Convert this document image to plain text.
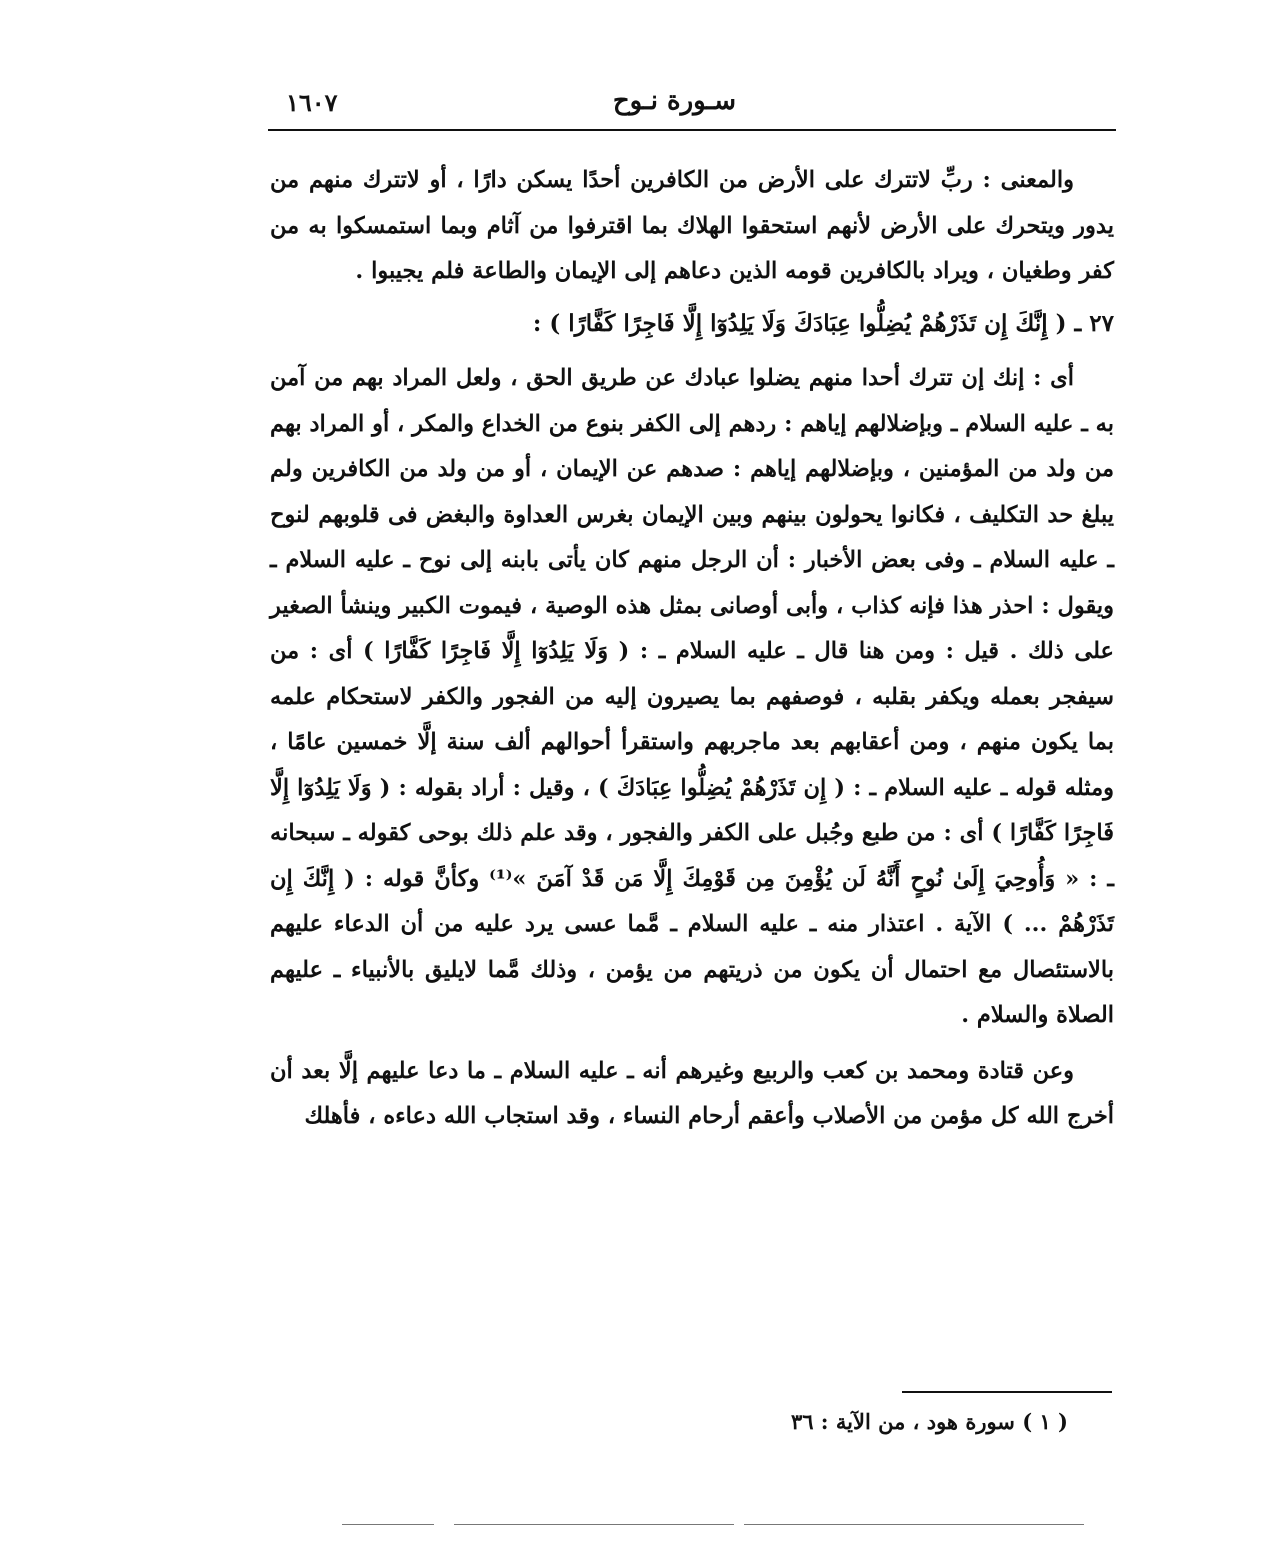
سـورة نـوح
١٦٠٧

والمعنى : ربِّ لاتترك على الأرض من الكافرين أحدًا يسكن دارًا ، أو لاتترك منهم من يدور ويتحرك على الأرض لأنهم استحقوا الهلاك بما اقترفوا من آثام وبما استمسكوا به من كفر وطغيان ، ويراد بالكافرين قومه الذين دعاهم إلى الإيمان والطاعة فلم يجيبوا .

٢٧ ـ ( إِنَّكَ إِن تَذَرْهُمْ يُضِلُّوا عِبَادَكَ وَلَا يَلِدُوٓا إِلَّا فَاجِرًا كَفَّارًا ) :

أى : إنك إن تترك أحدا منهم يضلوا عبادك عن طريق الحق ، ولعل المراد بهم من آمن به ـ عليه السلام ـ وبإضلالهم إياهم : ردهم إلى الكفر بنوع من الخداع والمكر ، أو المراد بهم من ولد من المؤمنين ، وبإضلالهم إياهم : صدهم عن الإيمان ، أو من ولد من الكافرين ولم يبلغ حد التكليف ، فكانوا يحولون بينهم وبين الإيمان بغرس العداوة والبغض فى قلوبهم لنوح ـ عليه السلام ـ وفى بعض الأخبار : أن الرجل منهم كان يأتى بابنه إلى نوح ـ عليه السلام ـ ويقول : احذر هذا فإنه كذاب ، وأبى أوصانى بمثل هذه الوصية ، فيموت الكبير وينشأ الصغير على ذلك . قيل : ومن هنا قال ـ عليه السلام ـ : ( وَلَا يَلِدُوٓا إِلَّا فَاجِرًا كَفَّارًا ) أى : من سيفجر بعمله ويكفر بقلبه ، فوصفهم بما يصيرون إليه من الفجور والكفر لاستحكام علمه بما يكون منهم ، ومن أعقابهم بعد ماجربهم واستقرأ أحوالهم ألف سنة إلَّا خمسين عامًا ، ومثله قوله ـ عليه السلام ـ : ( إِن تَذَرْهُمْ يُضِلُّوا عِبَادَكَ ) ، وقيل : أراد بقوله : ( وَلَا يَلِدُوٓا إِلَّا فَاجِرًا كَفَّارًا ) أى : من طبع وجُبل على الكفر والفجور ، وقد علم ذلك بوحى كقوله ـ سبحانه ـ : « وَأُوحِيَ إِلَىٰ نُوحٍ أَنَّهُ لَن يُؤْمِنَ مِن قَوْمِكَ إِلَّا مَن قَدْ آمَنَ »⁽¹⁾ وكأنَّ قوله : ( إِنَّكَ إِن تَذَرْهُمْ ... ) الآية . اعتذار منه ـ عليه السلام ـ مَّما عسى يرد عليه من أن الدعاء عليهم بالاستئصال مع احتمال أن يكون من ذريتهم من يؤمن ، وذلك مَّما لايليق بالأنبياء ـ عليهم الصلاة والسلام .

وعن قتادة ومحمد بن كعب والربيع وغيرهم أنه ـ عليه السلام ـ ما دعا عليهم إلَّا بعد أن أخرج الله كل مؤمن من الأصلاب وأعقم أرحام النساء ، وقد استجاب الله دعاءه ، فأهلك

( ١ ) سورة هود ، من الآية : ٣٦
